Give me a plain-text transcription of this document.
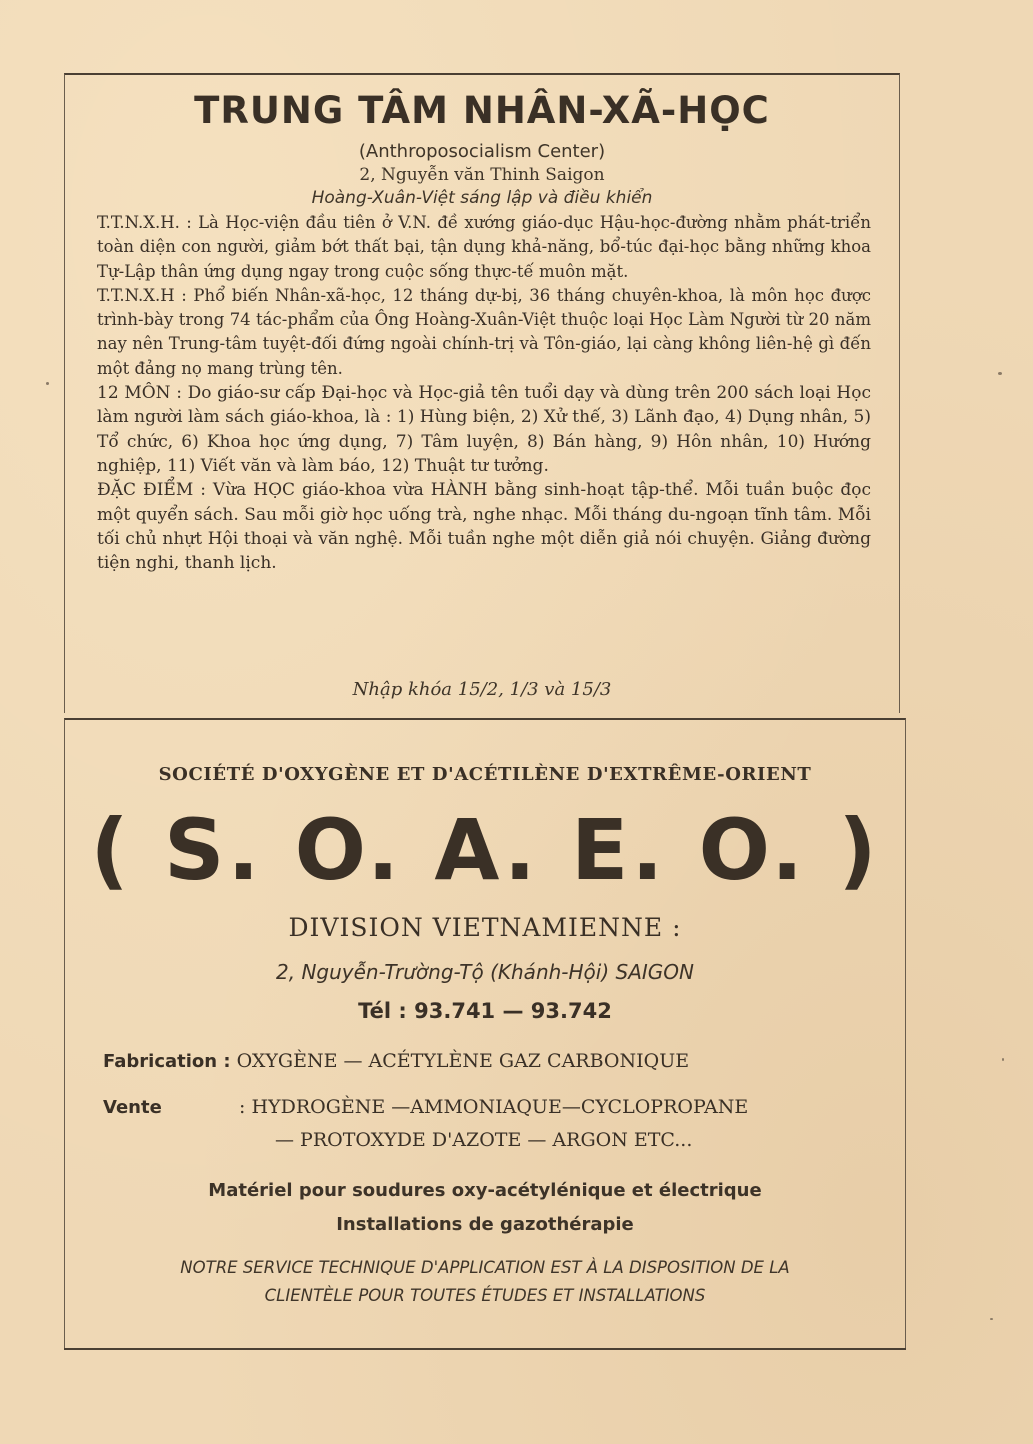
TRUNG TÂM NHÂN-XÃ-HỌC
(Anthroposocialism Center)
2, Nguyễn văn Thinh Saigon
Hoàng-Xuân-Việt sáng lập và điều khiển

T.T.N.X.H. : Là Học-viện đầu tiên ở V.N. đề xướng giáo-dục Hậu-học-đường nhằm phát-triển toàn diện con người, giảm bớt thất bại, tận dụng khả-năng, bổ-túc đại-học bằng những khoa Tự-Lập thân ứng dụng ngay trong cuộc sống thực-tế muôn mặt.

T.T.N.X.H : Phổ biến Nhân-xã-học, 12 tháng dự-bị, 36 tháng chuyên-khoa, là môn học được trình-bày trong 74 tác-phẩm của Ông Hoàng-Xuân-Việt thuộc loại Học Làm Người từ 20 năm nay nên Trung-tâm tuyệt-đối đứng ngoài chính-trị và Tôn-giáo, lại càng không liên-hệ gì đến một đảng nọ mang trùng tên.

12 MÔN : Do giáo-sư cấp Đại-học và Học-giả tên tuổi dạy và dùng trên 200 sách loại Học làm người làm sách giáo-khoa, là : 1) Hùng biện, 2) Xử thế, 3) Lãnh đạo, 4) Dụng nhân, 5) Tổ chức, 6) Khoa học ứng dụng, 7) Tâm luyện, 8) Bán hàng, 9) Hôn nhân, 10) Hướng nghiệp, 11) Viết văn và làm báo, 12) Thuật tư tưởng.

ĐẶC ĐIỂM : Vừa HỌC giáo-khoa vừa HÀNH bằng sinh-hoạt tập-thể. Mỗi tuần buộc đọc một quyển sách. Sau mỗi giờ học uống trà, nghe nhạc. Mỗi tháng du-ngoạn tĩnh tâm. Mỗi tối chủ nhựt Hội thoại và văn nghệ. Mỗi tuần nghe một diễn giả nói chuyện. Giảng đường tiện nghi, thanh lịch.

Nhập khóa 15/2, 1/3 và 15/3
SOCIÉTÉ D'OXYGÈNE ET D'ACÉTILÈNE D'EXTRÊME-ORIENT
( S. O. A. E. O. )
DIVISION VIETNAMIENNE :
2, Nguyễn-Trường-Tộ (Khánh-Hội) SAIGON
Tél : 93.741 — 93.742
Fabrication : OXYGÈNE — ACÉTYLÈNE GAZ CARBONIQUE
Vente	: HYDROGÈNE —AMMONIAQUE—CYCLOPROPANE
— PROTOXYDE D'AZOTE — ARGON ETC...
Matériel pour soudures oxy-acétylénique et électrique
Installations de gazothérapie
NOTRE SERVICE TECHNIQUE D'APPLICATION EST À LA DISPOSITION DE LA
CLIENTÈLE POUR TOUTES ÉTUDES ET INSTALLATIONS
